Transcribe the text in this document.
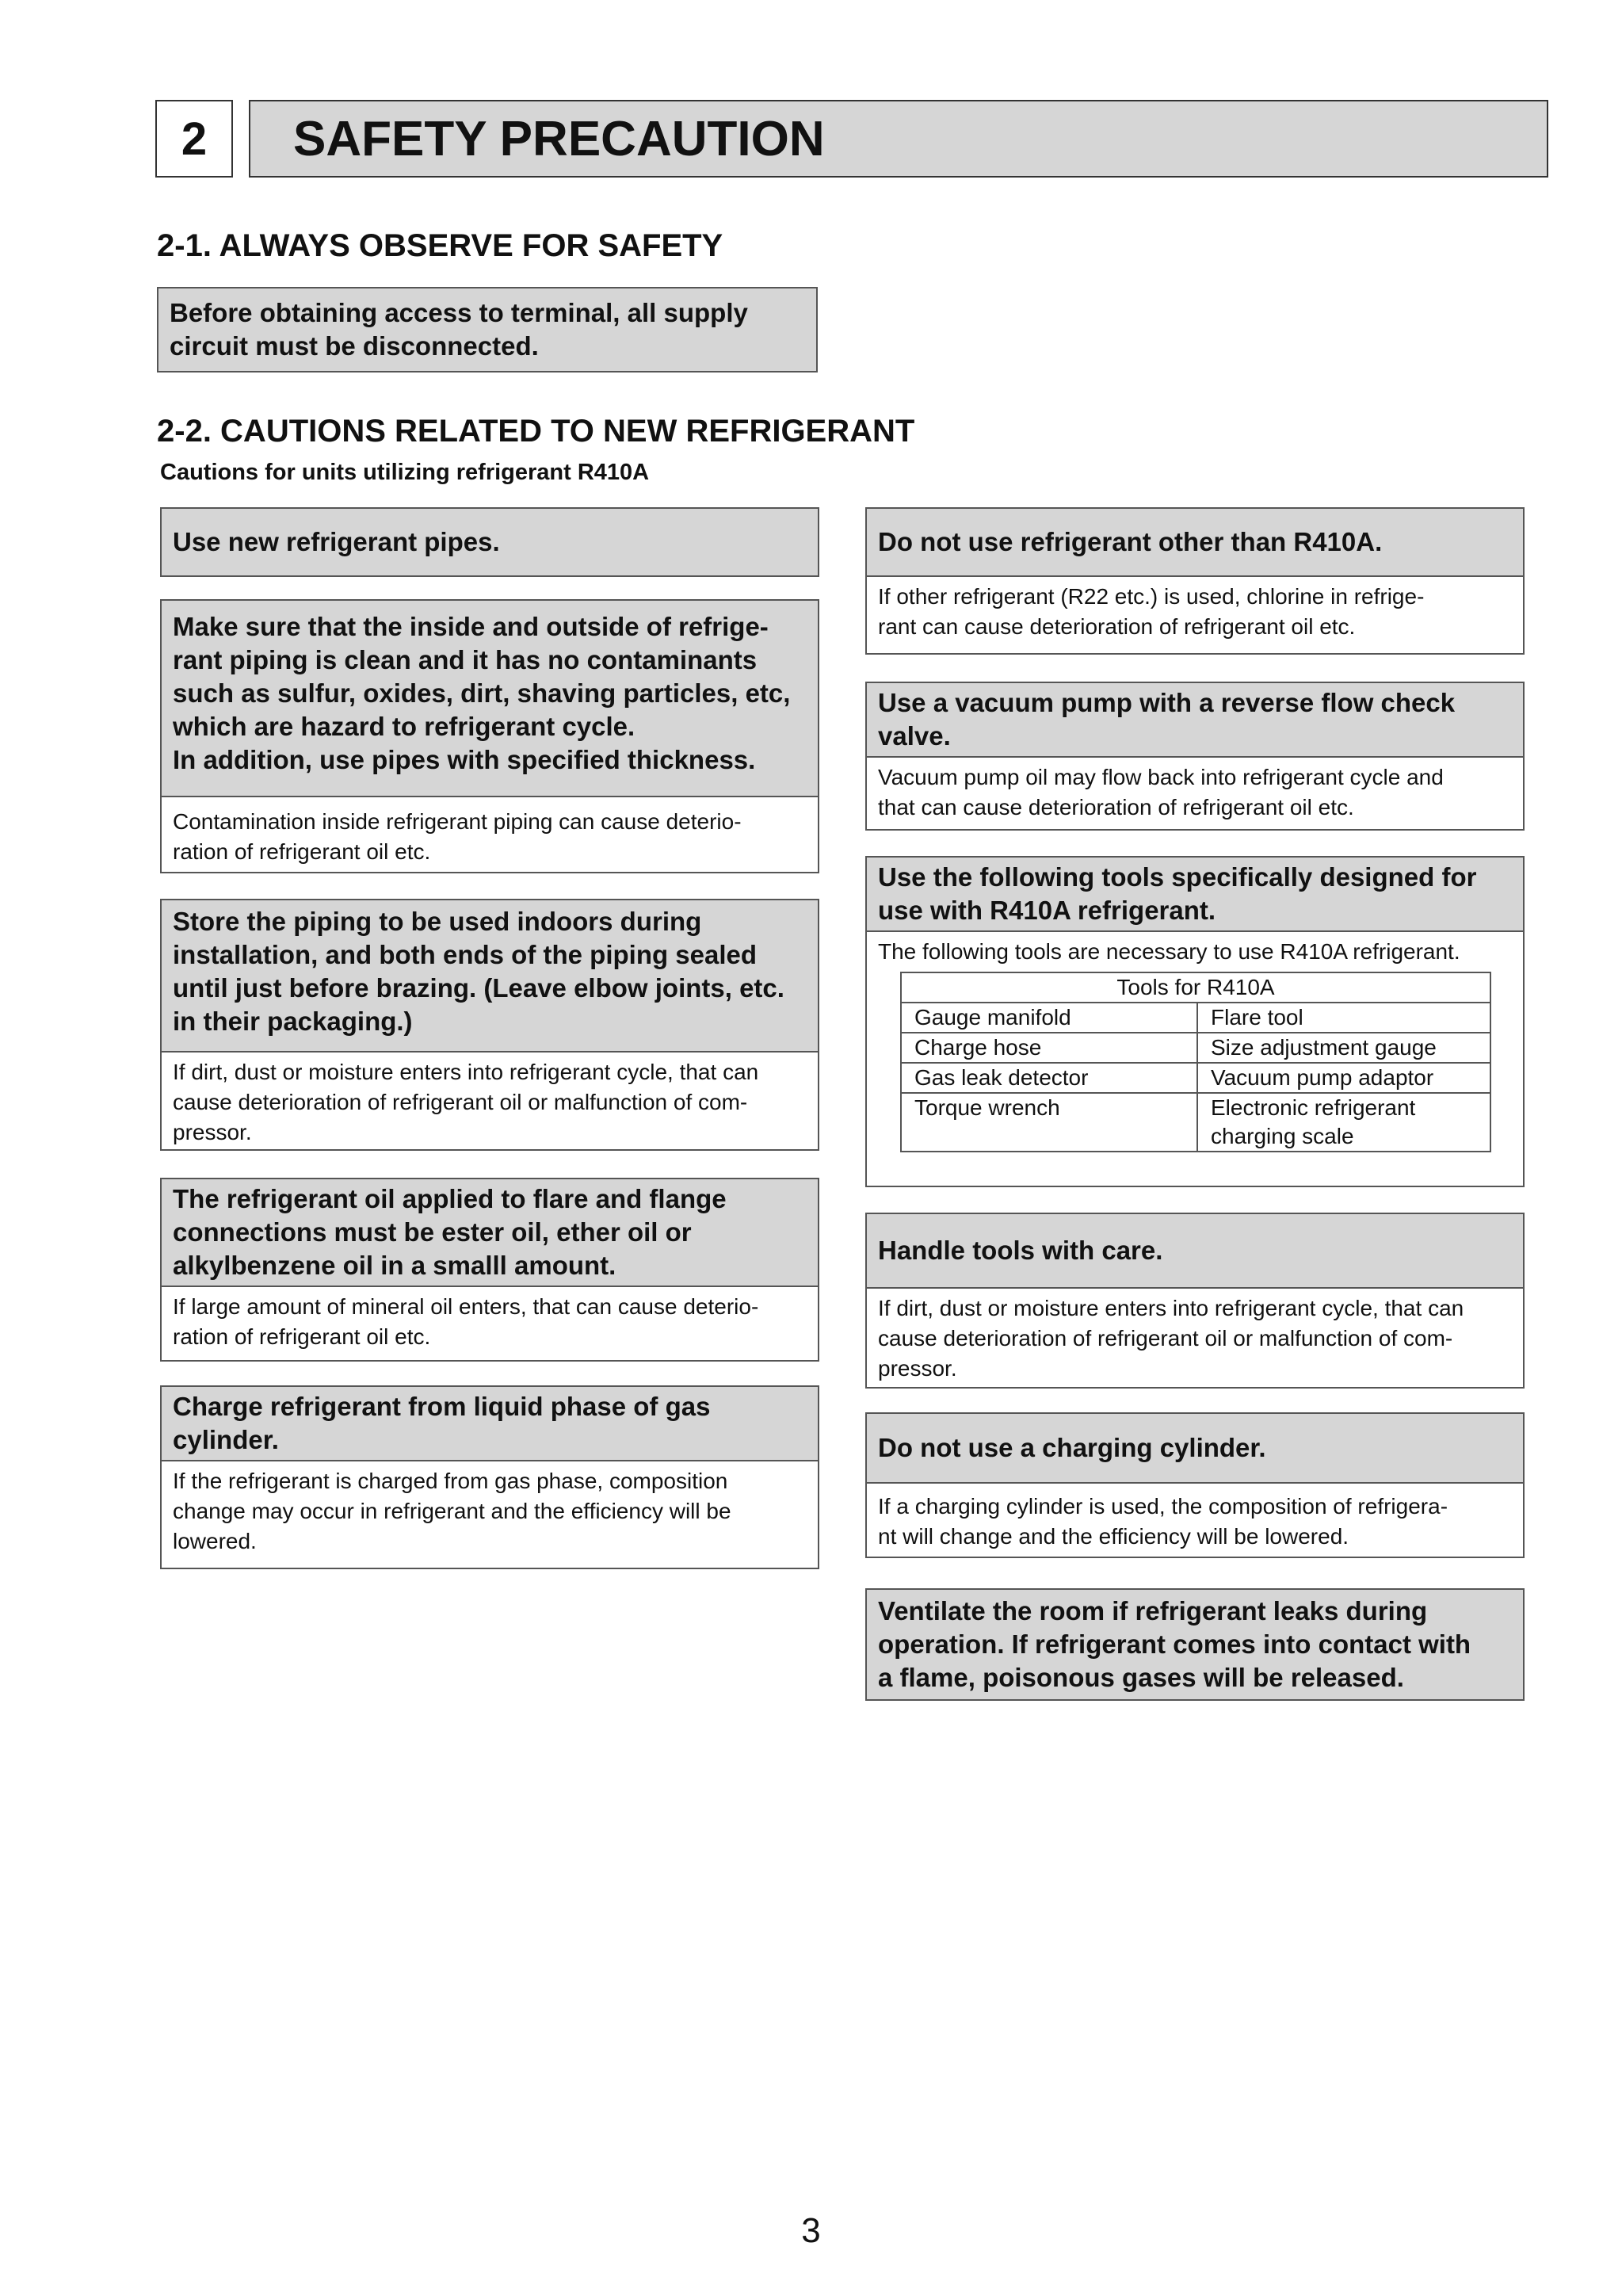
2	SAFETY PRECAUTION
2-1. ALWAYS OBSERVE FOR SAFETY
Before obtaining access to terminal, all supply
circuit must be disconnected.
2-2. CAUTIONS RELATED TO NEW REFRIGERANT
Cautions for units utilizing refrigerant R410A
Use new refrigerant pipes.
Make sure that the inside and outside of refrige-
rant piping is clean and it has no contaminants
such as sulfur, oxides, dirt, shaving particles, etc,
which are hazard to refrigerant cycle.
In addition, use pipes with specified thickness.
Contamination inside refrigerant piping can cause deterio-
ration of refrigerant oil etc.
Store the piping to be used indoors during
installation, and both ends of the piping sealed
until just before brazing. (Leave elbow joints, etc.
in their packaging.)
If dirt, dust or moisture enters into refrigerant cycle, that can
cause deterioration of refrigerant oil or malfunction of com-
pressor.
The refrigerant oil applied to flare and flange
connections must be ester oil, ether oil or
alkylbenzene oil in a smalll amount.
If large amount of mineral oil enters, that can cause deterio-
ration of refrigerant oil etc.
Charge refrigerant from liquid phase of gas
cylinder.
If the refrigerant is charged from gas phase, composition
change may occur in refrigerant and the efficiency will be
lowered.
Do not use refrigerant other than R410A.
If other refrigerant (R22 etc.) is used, chlorine in refrige-
rant can cause deterioration of refrigerant oil etc.
Use a vacuum pump with a reverse flow check
valve.
Vacuum pump oil may flow back into refrigerant cycle and
that can cause deterioration of refrigerant oil etc.
Use the following tools specifically designed for
use with R410A refrigerant.
The following tools are necessary to use R410A refrigerant.
Tools for R410A	
Gauge manifold	Flare tool
Charge hose	Size adjustment gauge
Gas leak detector	Vacuum pump adaptor
Torque wrench	Electronic refrigerant
charging scale
Handle tools with care.
If dirt, dust or moisture enters into refrigerant cycle, that can
cause deterioration of refrigerant oil or malfunction of com-
pressor.
Do not use a charging cylinder.
If a charging cylinder is used, the composition of refrigera-
nt will change and the efficiency will be lowered.
Ventilate the room if refrigerant leaks during
operation. If refrigerant comes into contact with
a flame, poisonous gases will be released.
3
